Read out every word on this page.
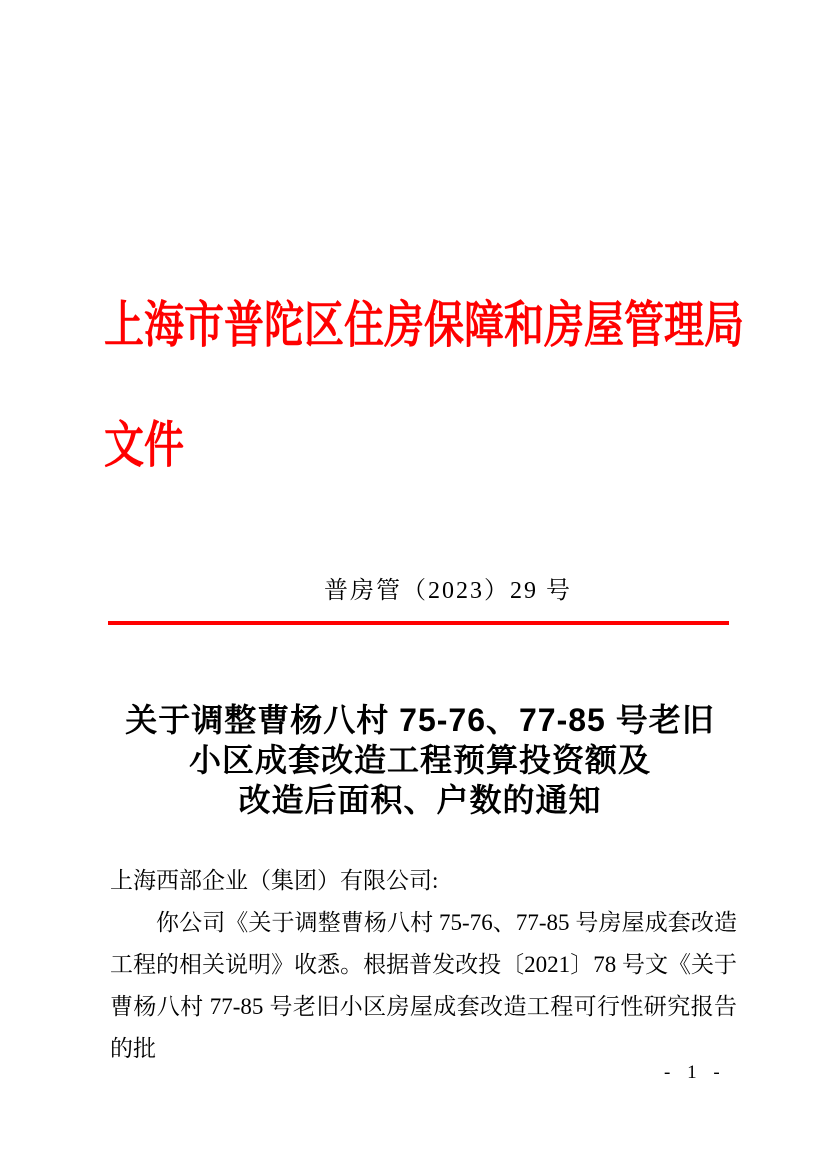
上海市普陀区住房保障和房屋管理局文件
普房管（2023）29 号
关于调整曹杨八村 75-76、77-85 号老旧
小区成套改造工程预算投资额及
改造后面积、户数的通知
上海西部企业（集团）有限公司:

你公司《关于调整曹杨八村 75-76、77-85 号房屋成套改造工程的相关说明》收悉。根据普发改投〔2021〕78 号文《关于曹杨八村 77-85 号老旧小区房屋成套改造工程可行性研究报告的批

- 1 -
